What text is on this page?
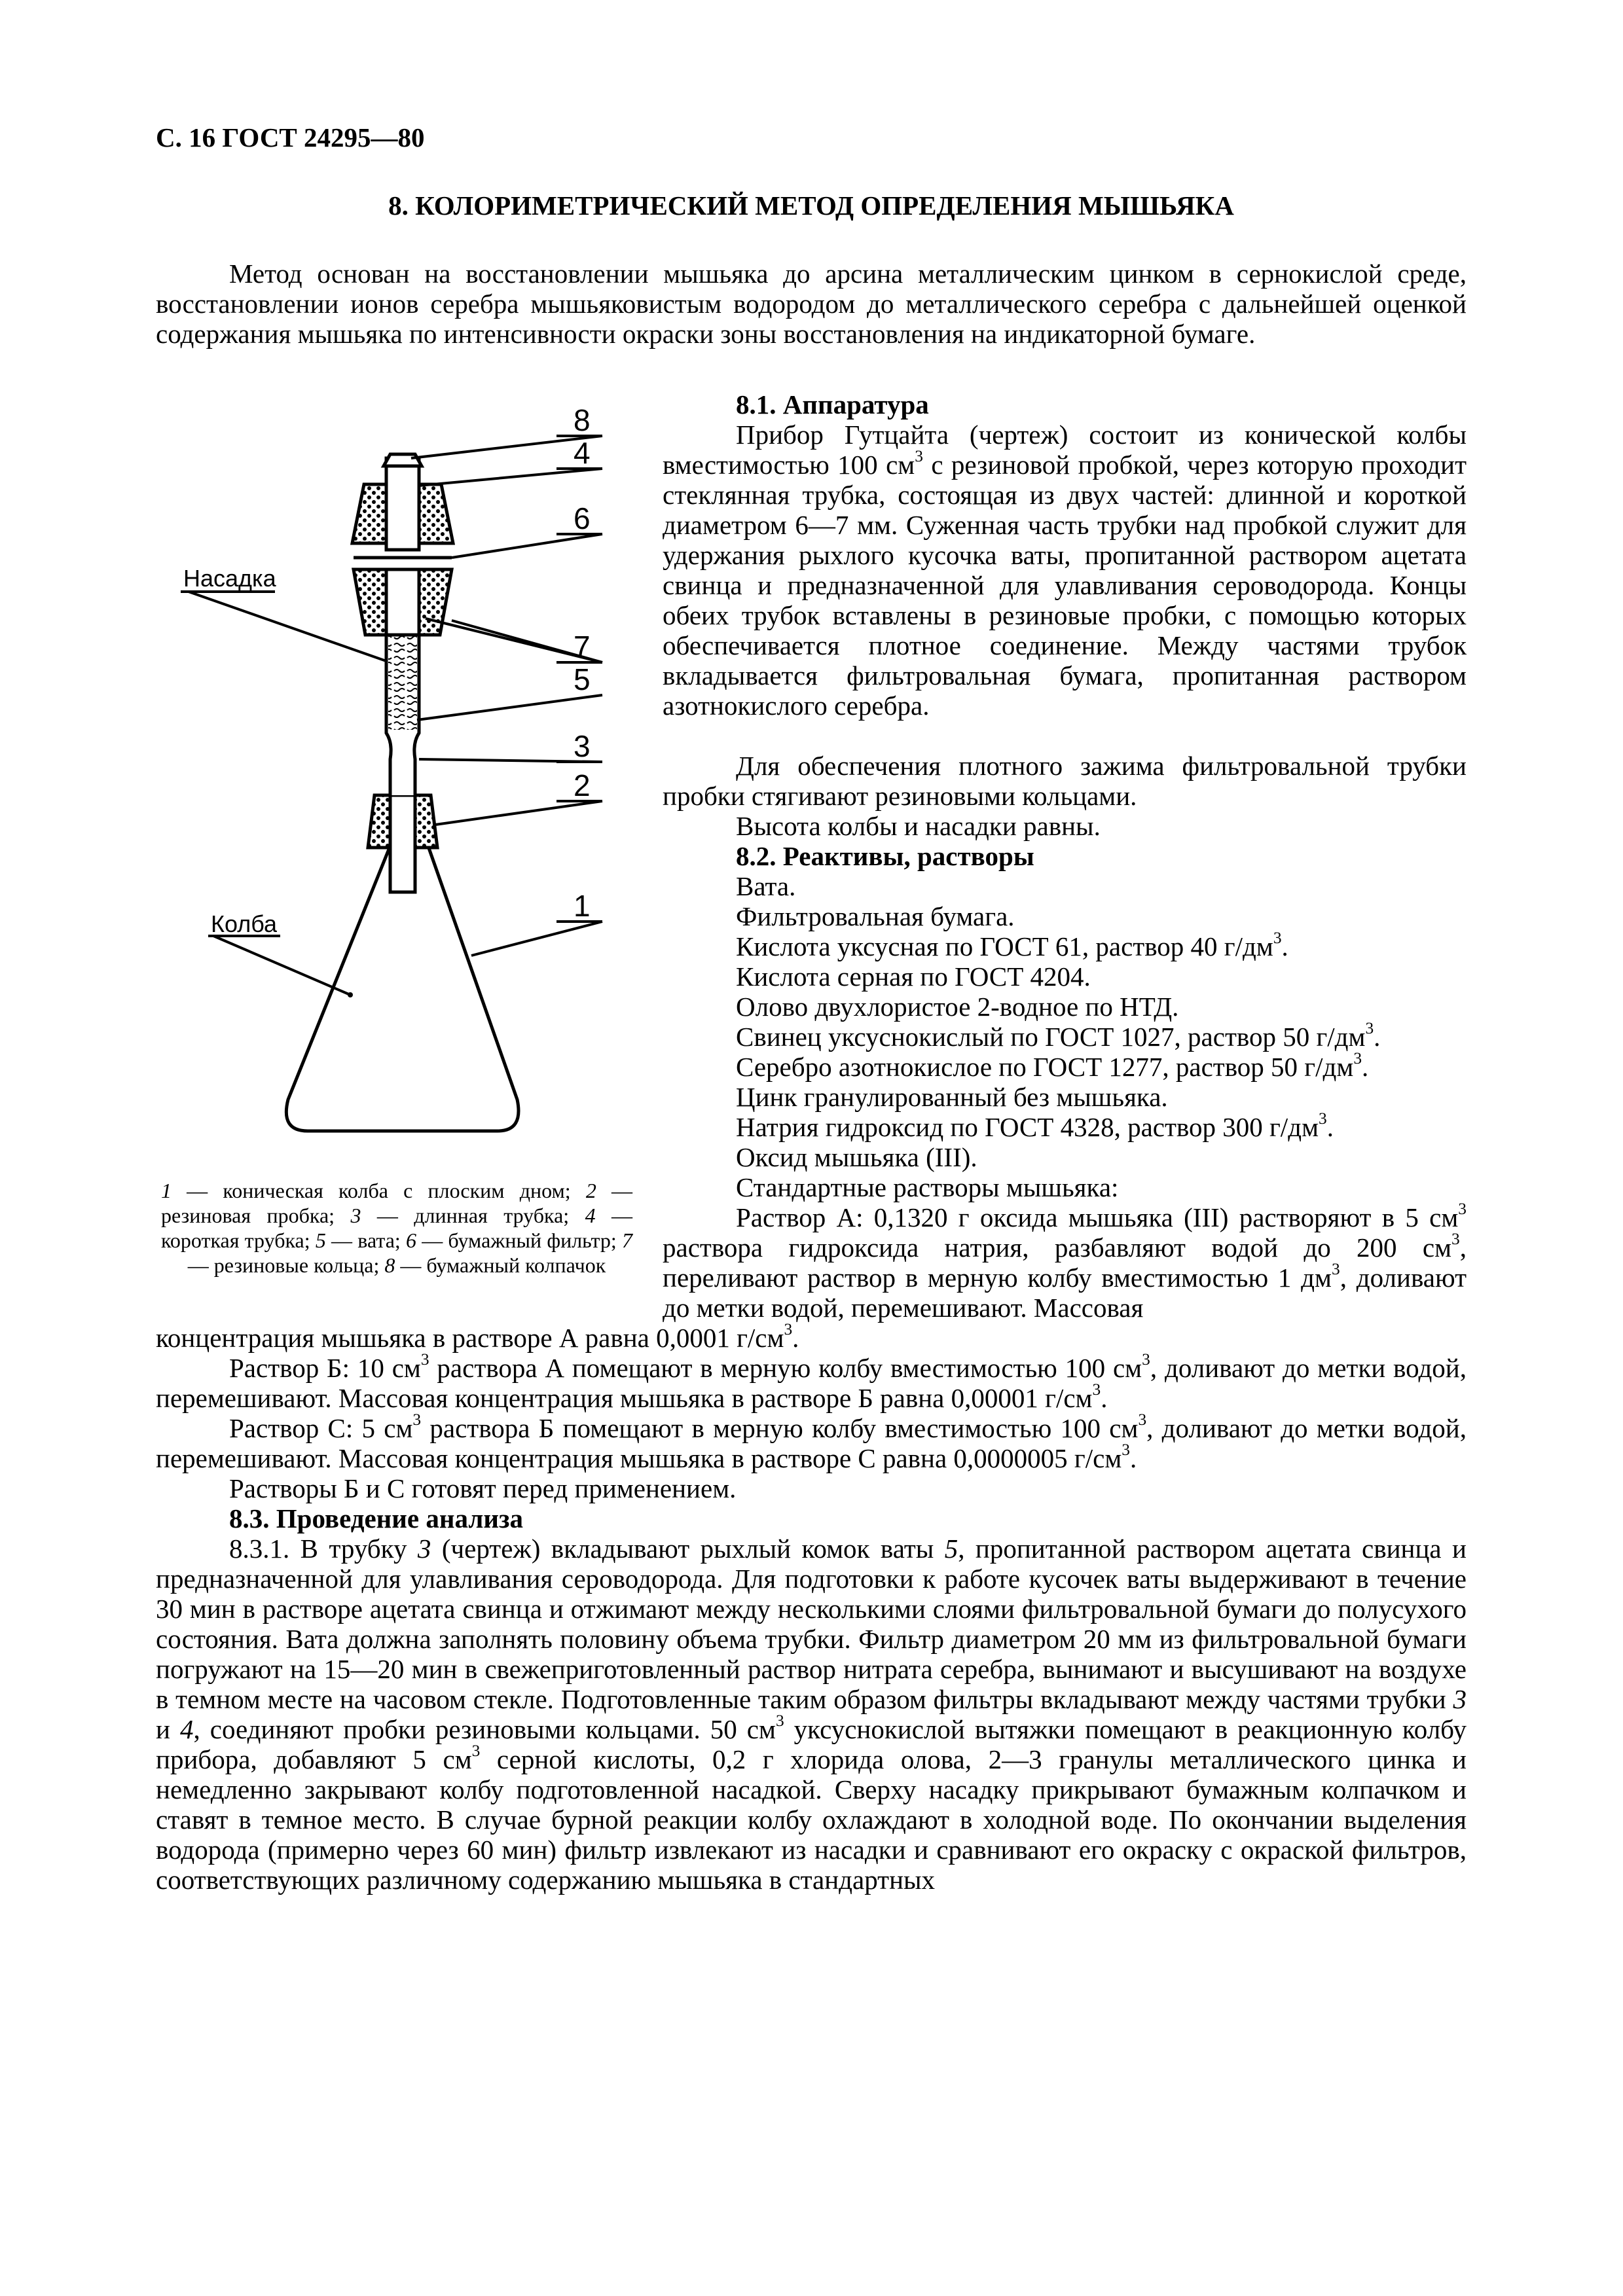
С. 16 ГОСТ 24295—80
8. КОЛОРИМЕТРИЧЕСКИЙ МЕТОД ОПРЕДЕЛЕНИЯ МЫШЬЯКА

Метод основан на восстановлении мышьяка до арсина металлическим цинком в сернокислой среде, восстановлении ионов серебра мышьяковистым водородом до металлического серебра с дальнейшей оценкой содержания мышьяка по интенсивности окраски зоны восстановления на индикаторной бумаге.

8
4
6
7
5
3
2
1
Насадка
Колба
1 — коническая колба с плоским дном; 2 — резиновая пробка; 3 — длинная трубка; 4 — короткая трубка; 5 — вата; 6 — бумажный фильтр; 7 — резиновые кольца; 8 — бумажный колпачок

8.1. Аппаратура

Прибор Гутцайта (чертеж) состоит из конической колбы вместимостью 100 $см^3$ с резиновой пробкой, через которую проходит стеклянная трубка, состоящая из двух частей: длинной и короткой диаметром 6—7 мм. Суженная часть трубки над пробкой служит для удержания рыхлого кусочка ваты, пропитанной раствором ацетата свинца и предназначенной для улавливания сероводорода. Концы обеих трубок вставлены в резиновые пробки, с помощью которых обеспечивается плотное соединение. Между частями трубок вкладывается фильтровальная бумага, пропитанная раствором азотнокислого серебра.

Для обеспечения плотного зажима фильтровальной трубки пробки стягивают резиновыми кольцами.

Высота колбы и насадки равны.

8.2. Реактивы, растворы

Вата.
Фильтровальная бумага.
Кислота уксусная по ГОСТ 61, раствор 40 $г/дм^3$.
Кислота серная по ГОСТ 4204.
Олово двухлористое 2-водное по НТД.
Свинец уксуснокислый по ГОСТ 1027, раствор 50 $г/дм^3$.
Серебро азотнокислое по ГОСТ 1277, раствор 50 $г/дм^3$.
Цинк гранулированный без мышьяка.
Натрия гидроксид по ГОСТ 4328, раствор 300 $г/дм^3$.
Оксид мышьяка (III).
Стандартные растворы мышьяка:

Раствор А: 0,1320 г оксида мышьяка (III) растворяют в 5 $см^3$ раствора гидроксида натрия, разбавляют водой до 200 $см^3$, переливают раствор в мерную колбу вместимостью 1 $дм^3$, доливают до метки водой, перемешивают. Массовая

концентрация мышьяка в растворе А равна 0,0001 $г/см^3$.

Раствор Б: 10 $см^3$ раствора А помещают в мерную колбу вместимостью 100 $см^3$, доливают до метки водой, перемешивают. Массовая концентрация мышьяка в растворе Б равна 0,00001 $г/см^3$.

Раствор С: 5 $см^3$ раствора Б помещают в мерную колбу вместимостью 100 $см^3$, доливают до метки водой, перемешивают. Массовая концентрация мышьяка в растворе С равна 0,0000005 $г/см^3$.

Растворы Б и С готовят перед применением.

8.3. Проведение анализа

8.3.1. В трубку 3 (чертеж) вкладывают рыхлый комок ваты 5, пропитанной раствором ацетата свинца и предназначенной для улавливания сероводорода. Для подготовки к работе кусочек ваты выдерживают в течение 30 мин в растворе ацетата свинца и отжимают между несколькими слоями фильтровальной бумаги до полусухого состояния. Вата должна заполнять половину объема трубки. Фильтр диаметром 20 мм из фильтровальной бумаги погружают на 15—20 мин в свежеприготовленный раствор нитрата серебра, вынимают и высушивают на воздухе в темном месте на часовом стекле. Подготовленные таким образом фильтры вкладывают между частями трубки 3 и 4, соединяют пробки резиновыми кольцами. 50 $см^3$ уксуснокислой вытяжки помещают в реакционную колбу прибора, добавляют 5 $см^3$ серной кислоты, 0,2 г хлорида олова, 2—3 гранулы металлического цинка и немедленно закрывают колбу подготовленной насадкой. Сверху насадку прикрывают бумажным колпачком и ставят в темное место. В случае бурной реакции колбу охлаждают в холодной воде. По окончании выделения водорода (примерно через 60 мин) фильтр извлекают из насадки и сравнивают его окраску с окраской фильтров, соответствующих различному содержанию мышьяка в стандартных
